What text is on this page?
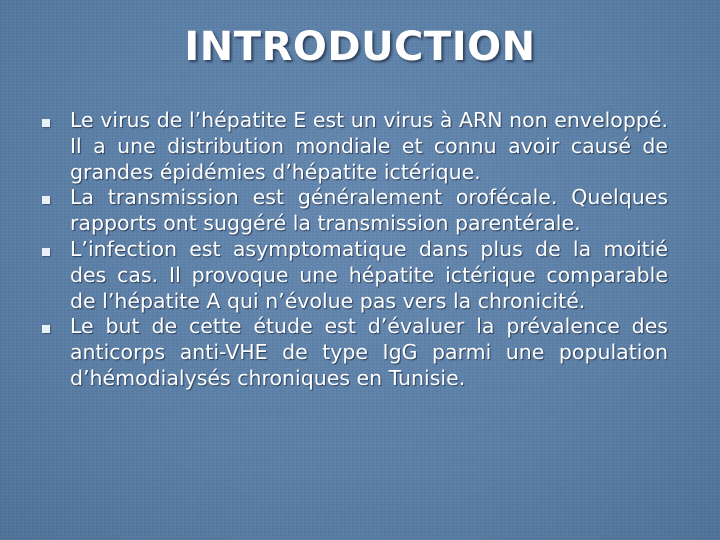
INTRODUCTION
Le virus de l’hépatite E est un virus à ARN non enveloppé. Il a une distribution mondiale et connu avoir causé de grandes épidémies d’hépatite ictérique.
La transmission est généralement orofécale. Quelques rapports ont suggéré la transmission parentérale.
L’infection est asymptomatique dans plus de la moitié des cas. Il provoque une hépatite ictérique comparable de l’hépatite A qui n’évolue pas vers la chronicité.
Le but de cette étude est d’évaluer la prévalence des anticorps anti-VHE de type IgG parmi une population d’hémodialysés chroniques en Tunisie.
